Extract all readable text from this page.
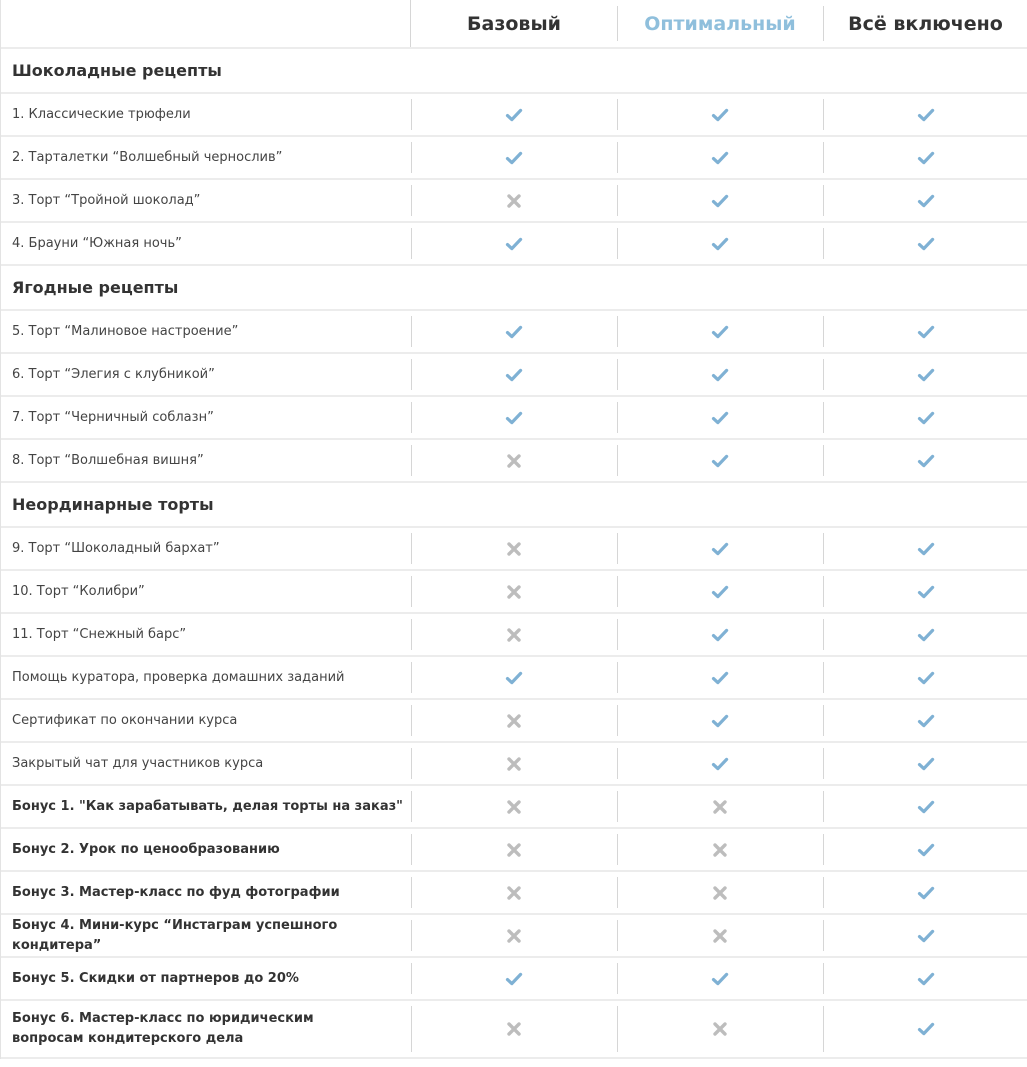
Базовый	Оптимальный	Всё включено
Шоколадные рецепты
1. Классические трюфели
2. Тарталетки “Волшебный чернослив”
3. Торт “Тройной шоколад”
4. Брауни “Южная ночь”
Ягодные рецепты
5. Торт “Малиновое настроение”
6. Торт “Элегия с клубникой”
7. Торт “Черничный соблазн”
8. Торт “Волшебная вишня”
Неординарные торты
9. Торт “Шоколадный бархат”
10. Торт “Колибри”
11. Торт “Снежный барс”
Помощь куратора, проверка домашних заданий
Сертификат по окончании курса
Закрытый чат для участников курса
Бонус 1. "Как зарабатывать, делая торты на заказ"
Бонус 2. Урок по ценообразованию
Бонус 3. Мастер-класс по фуд фотографии
Бонус 4. Мини-курс “Инстаграм успешного кондитера”
Бонус 5. Скидки от партнеров до 20%
Бонус 6. Мастер-класс по юридическим вопросам кондитерского дела
